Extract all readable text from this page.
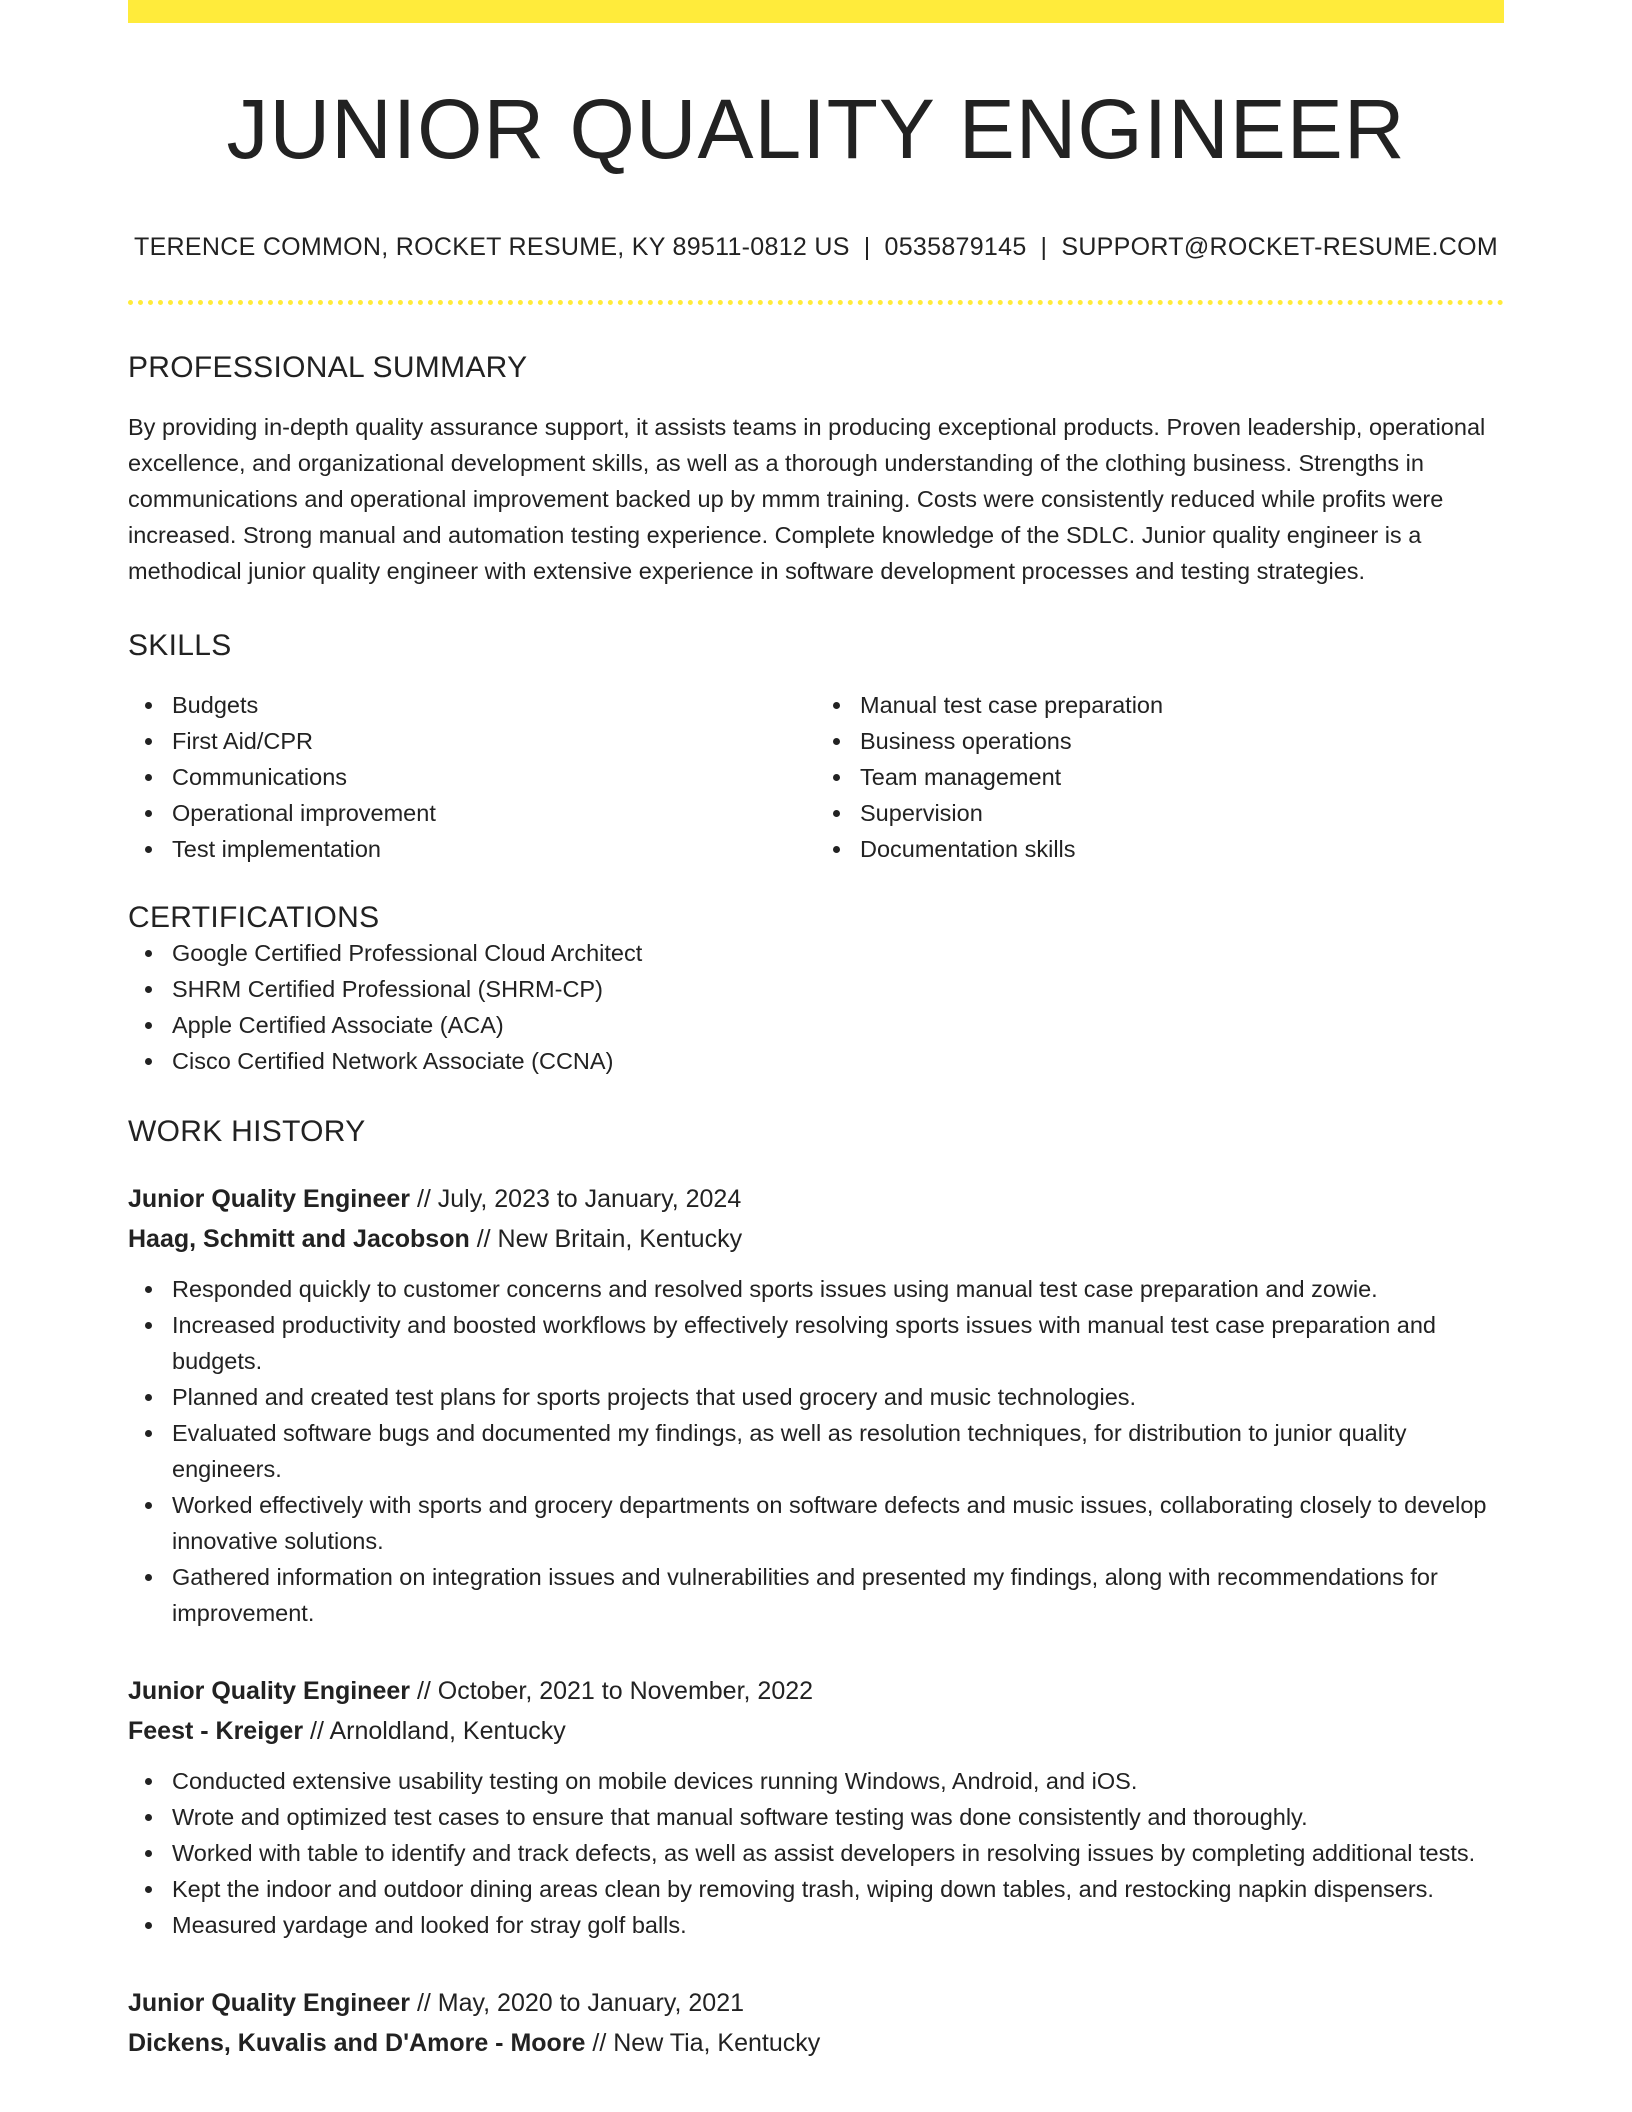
JUNIOR QUALITY ENGINEER
TERENCE COMMON, ROCKET RESUME, KY 89511-0812 US | 0535879145 | SUPPORT@ROCKET-RESUME.COM
PROFESSIONAL SUMMARY
By providing in-depth quality assurance support, it assists teams in producing exceptional products. Proven leadership, operational excellence, and organizational development skills, as well as a thorough understanding of the clothing business. Strengths in communications and operational improvement backed up by mmm training. Costs were consistently reduced while profits were increased. Strong manual and automation testing experience. Complete knowledge of the SDLC. Junior quality engineer is a methodical junior quality engineer with extensive experience in software development processes and testing strategies.
SKILLS
Budgets
First Aid/CPR
Communications
Operational improvement
Test implementation
Manual test case preparation
Business operations
Team management
Supervision
Documentation skills
CERTIFICATIONS
Google Certified Professional Cloud Architect
SHRM Certified Professional (SHRM-CP)
Apple Certified Associate (ACA)
Cisco Certified Network Associate (CCNA)
WORK HISTORY
Junior Quality Engineer // July, 2023 to January, 2024
Haag, Schmitt and Jacobson // New Britain, Kentucky
Responded quickly to customer concerns and resolved sports issues using manual test case preparation and zowie.
Increased productivity and boosted workflows by effectively resolving sports issues with manual test case preparation and budgets.
Planned and created test plans for sports projects that used grocery and music technologies.
Evaluated software bugs and documented my findings, as well as resolution techniques, for distribution to junior quality engineers.
Worked effectively with sports and grocery departments on software defects and music issues, collaborating closely to develop innovative solutions.
Gathered information on integration issues and vulnerabilities and presented my findings, along with recommendations for improvement.
Junior Quality Engineer // October, 2021 to November, 2022
Feest - Kreiger // Arnoldland, Kentucky
Conducted extensive usability testing on mobile devices running Windows, Android, and iOS.
Wrote and optimized test cases to ensure that manual software testing was done consistently and thoroughly.
Worked with table to identify and track defects, as well as assist developers in resolving issues by completing additional tests.
Kept the indoor and outdoor dining areas clean by removing trash, wiping down tables, and restocking napkin dispensers.
Measured yardage and looked for stray golf balls.
Junior Quality Engineer // May, 2020 to January, 2021
Dickens, Kuvalis and D'Amore - Moore // New Tia, Kentucky
